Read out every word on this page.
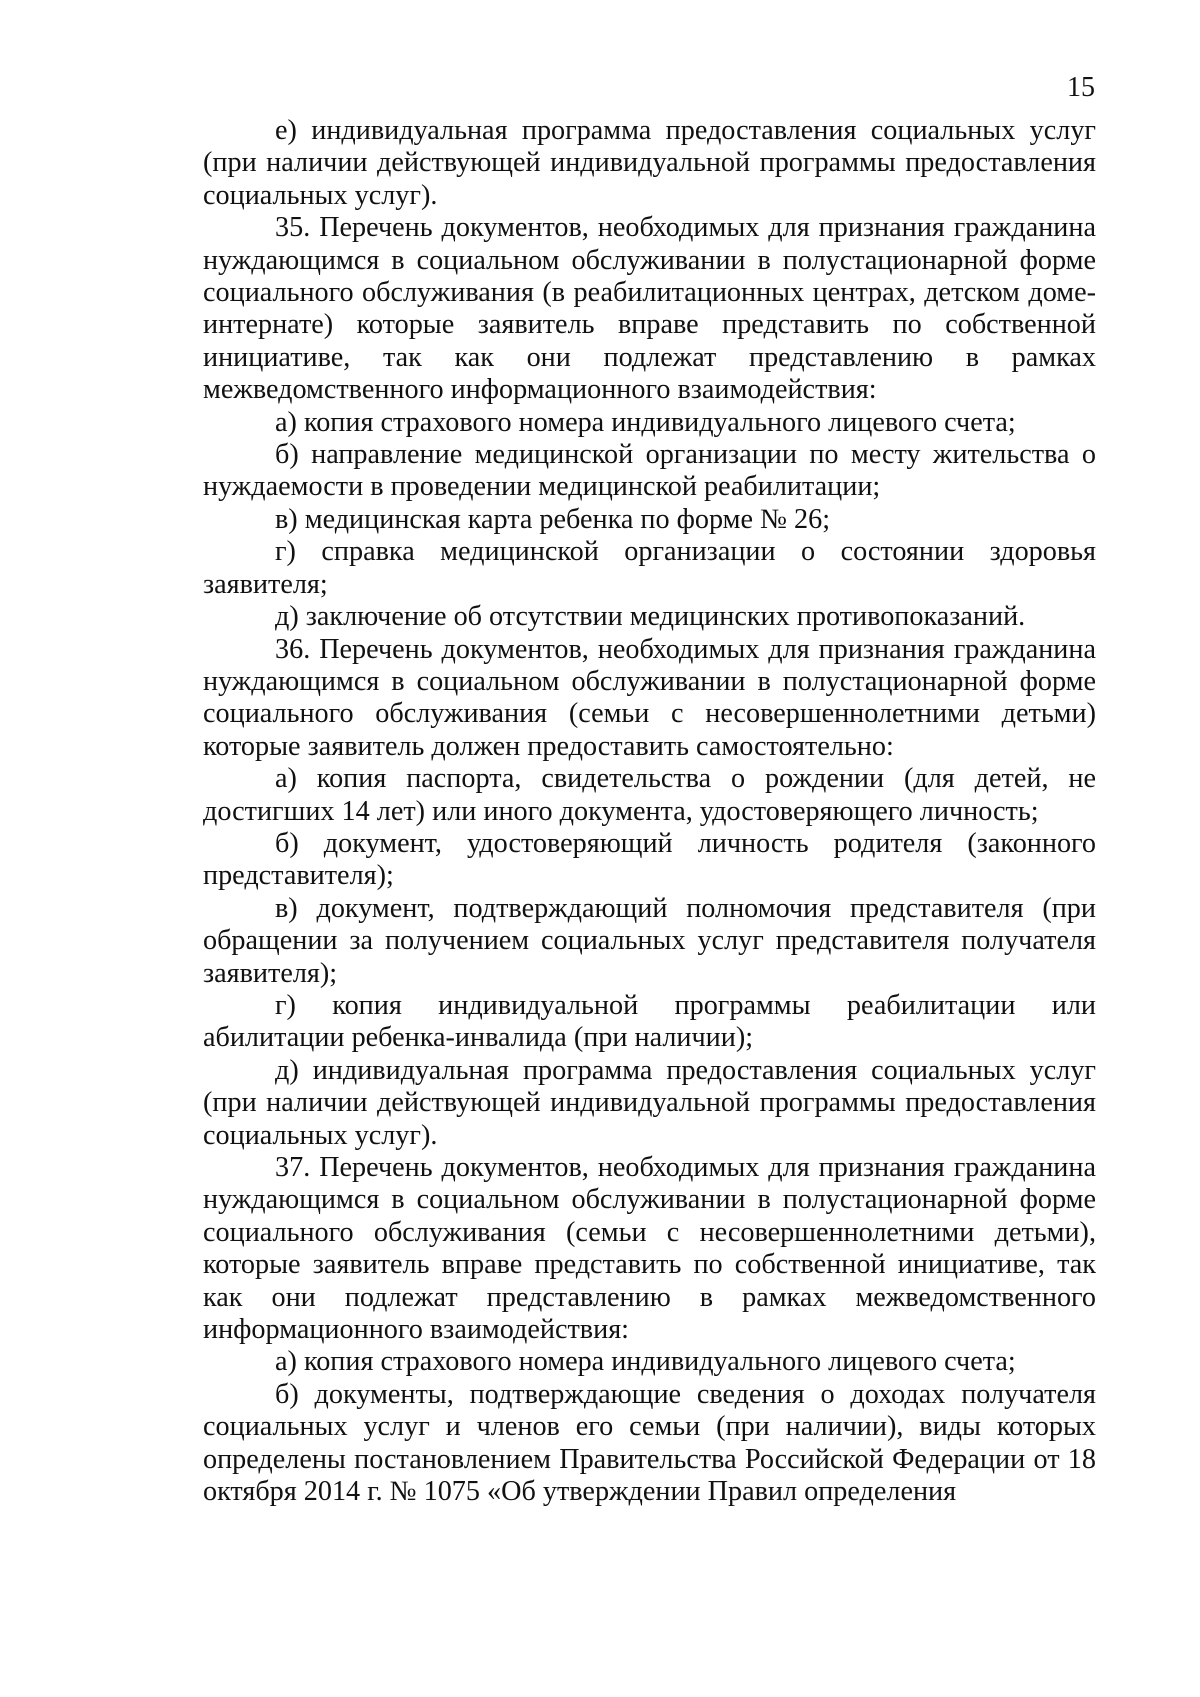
15

е) индивидуальная программа предоставления социальных услуг (при наличии действующей индивидуальной программы предоставления социальных услуг).

35. Перечень документов, необходимых для признания гражданина нуждающимся в социальном обслуживании в полустационарной форме социального обслуживания (в реабилитационных центрах, детском доме-интернате) которые заявитель вправе представить по собственной инициативе, так как они подлежат представлению в рамках межведомственного информационного взаимодействия:

а) копия страхового номера индивидуального лицевого счета;

б) направление медицинской организации по месту жительства о нуждаемости в проведении медицинской реабилитации;

в) медицинская карта ребенка по форме № 26;

г) справка медицинской организации о состоянии здоровья заявителя;

д) заключение об отсутствии медицинских противопоказаний.

36. Перечень документов, необходимых для признания гражданина нуждающимся в социальном обслуживании в полустационарной форме социального обслуживания (семьи с несовершеннолетними детьми) которые заявитель должен предоставить самостоятельно:

а) копия паспорта, свидетельства о рождении (для детей, не достигших 14 лет) или иного документа, удостоверяющего личность;

б) документ, удостоверяющий личность родителя (законного представителя);

в) документ, подтверждающий полномочия представителя (при обращении за получением социальных услуг представителя получателя заявителя);

г) копия индивидуальной программы реабилитации или абилитации ребенка-инвалида (при наличии);

д) индивидуальная программа предоставления социальных услуг (при наличии действующей индивидуальной программы предоставления социальных услуг).

37. Перечень документов, необходимых для признания гражданина нуждающимся в социальном обслуживании в полустационарной форме социального обслуживания (семьи с несовершеннолетними детьми), которые заявитель вправе представить по собственной инициативе, так как они подлежат представлению в рамках межведомственного информационного взаимодействия:

а) копия страхового номера индивидуального лицевого счета;

б) документы, подтверждающие сведения о доходах получателя социальных услуг и членов его семьи (при наличии), виды которых определены постановлением Правительства Российской Федерации от 18 октября 2014 г. № 1075 «Об утверждении Правил определения
